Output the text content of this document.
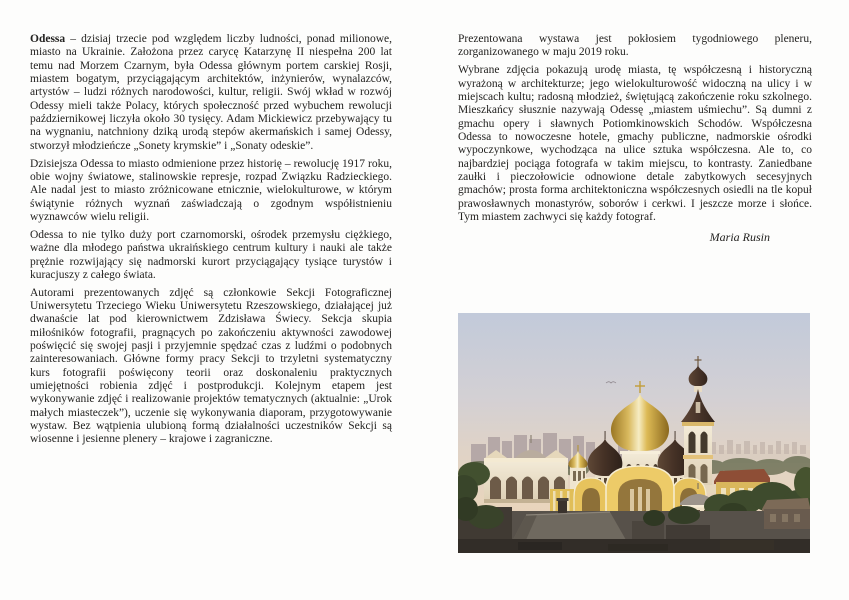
Odessa – dzisiaj trzecie pod względem liczby ludności, ponad milionowe, miasto na Ukrainie. Założona przez carycę Katarzynę II niespełna 200 lat temu nad Morzem Czarnym, była Odessa głównym portem carskiej Rosji, miastem bogatym, przyciągającym architektów, inżynierów, wynalazców, artystów – ludzi różnych narodowości, kultur, religii. Swój wkład w rozwój Odessy mieli także Polacy, których społeczność przed wybuchem rewolucji październikowej liczyła około 30 tysięcy. Adam Mickiewicz przebywający tu na wygnaniu, natchniony dziką urodą stepów akermańskich i samej Odessy, stworzył młodzieńcze „Sonety krymskie” i „Sonaty odeskie”.

Dzisiejsza Odessa to miasto odmienione przez historię – rewolucję 1917 roku, obie wojny światowe, stalinowskie represje, rozpad Związku Radzieckiego. Ale nadal jest to miasto zróżnicowane etnicznie, wielokulturowe, w którym świątynie różnych wyznań zaświadczają o zgodnym współistnieniu wyznawców wielu religii.

Odessa to nie tylko duży port czarnomorski, ośrodek przemysłu ciężkiego, ważne dla młodego państwa ukraińskiego centrum kultury i nauki ale także prężnie rozwijający się nadmorski kurort przyciągający tysiące turystów i kuracjuszy z całego świata.

Autorami prezentowanych zdjęć są członkowie Sekcji Fotograficznej Uniwersytetu Trzeciego Wieku Uniwersytetu Rzeszowskiego, działającej już dwanaście lat pod kierownictwem Zdzisława Świecy. Sekcja skupia miłośników fotografii, pragnących po zakończeniu aktywności zawodowej poświęcić się swojej pasji i przyjemnie spędzać czas z ludźmi o podobnych zainteresowaniach. Główne formy pracy Sekcji to trzyletni systematyczny kurs fotografii poświęcony teorii oraz doskonaleniu praktycznych umiejętności robienia zdjęć i postprodukcji. Kolejnym etapem jest wykonywanie zdjęć i realizowanie projektów tematycznych (aktualnie: „Urok małych miasteczek”), uczenie się wykonywania diaporam, przygotowywanie wystaw. Bez wątpienia ulubioną formą działalności uczestników Sekcji są wiosenne i jesienne plenery – krajowe i zagraniczne.

Prezentowana wystawa jest pokłosiem tygodniowego pleneru, zorganizowanego w maju 2019 roku.

Wybrane zdjęcia pokazują urodę miasta, tę współczesną i historyczną wyrażoną w architekturze; jego wielokulturowość widoczną na ulicy i w miejscach kultu; radosną młodzież, świętującą zakończenie roku szkolnego. Mieszkańcy słusznie nazywają Odessę „miastem uśmiechu”. Są dumni z gmachu opery i sławnych Potiomkinowskich Schodów. Współczesna Odessa to nowoczesne hotele, gmachy publiczne, nadmorskie ośrodki wypoczynkowe, wychodząca na ulice sztuka współczesna. Ale to, co najbardziej pociąga fotografa w takim miejscu, to kontrasty. Zaniedbane zaułki i pieczołowicie odnowione detale zabytkowych secesyjnych gmachów; prosta forma architektoniczna współczesnych osiedli na tle kopuł prawosławnych monastyrów, soborów i cerkwi. I jeszcze morze i słońce. Tym miastem zachwyci się każdy fotograf.

Maria Rusin
